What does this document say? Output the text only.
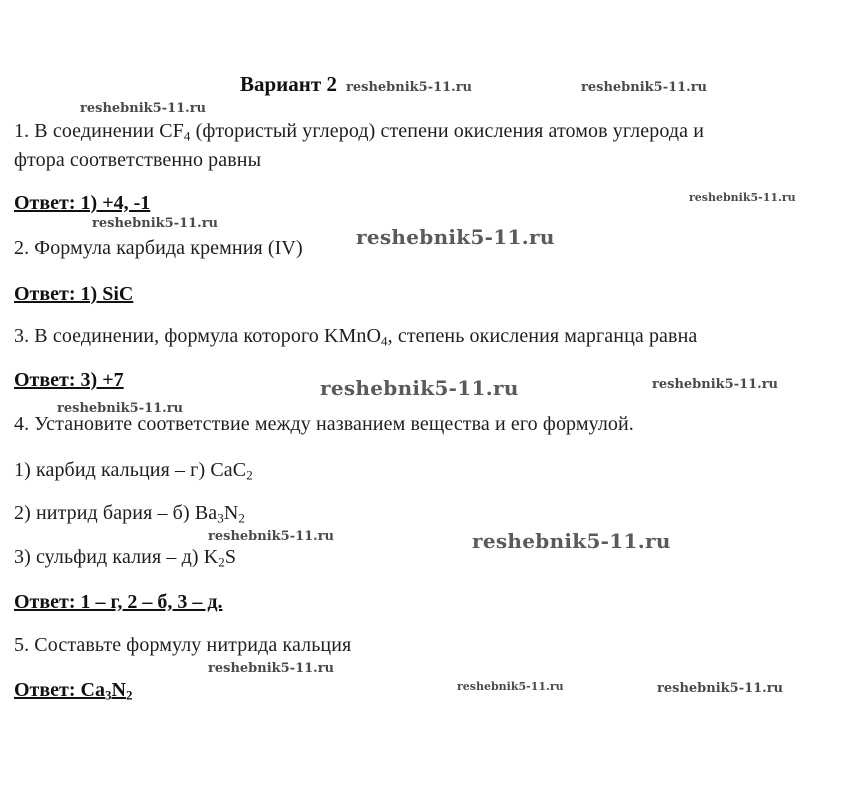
Вариант 2
1. В соединении $CF_4$ (фтористый углерод) степени окисления атомов углерода и
фтора соответственно равны
Ответ: 1) +4, -1
2. Формула карбида кремния (IV)
Ответ: 1) SiC
3. В соединении, формула которого KMnO$_4$, степень окисления марганца равна
Ответ: 3) +7
4. Установите соответствие между названием вещества и его формулой.
1) карбид кальция – г) CaC$_2$
2) нитрид бария – б) $Ba_3N_2$
3) сульфид калия – д) $K_2S$
Ответ: 1 – г, 2 – б, 3 – д.
5. Составьте формулу нитрида кальция
Ответ: $Ca_3N_2$
reshebnik5-11.ru	reshebnik5-11.ru
reshebnik5-11.ru
reshebnik5-11.ru
reshebnik5-11.ru
reshebnik5-11.ru
reshebnik5-11.ru	reshebnik5-11.ru
reshebnik5-11.ru
reshebnik5-11.ru	reshebnik5-11.ru
reshebnik5-11.ru
reshebnik5-11.ru	reshebnik5-11.ru
